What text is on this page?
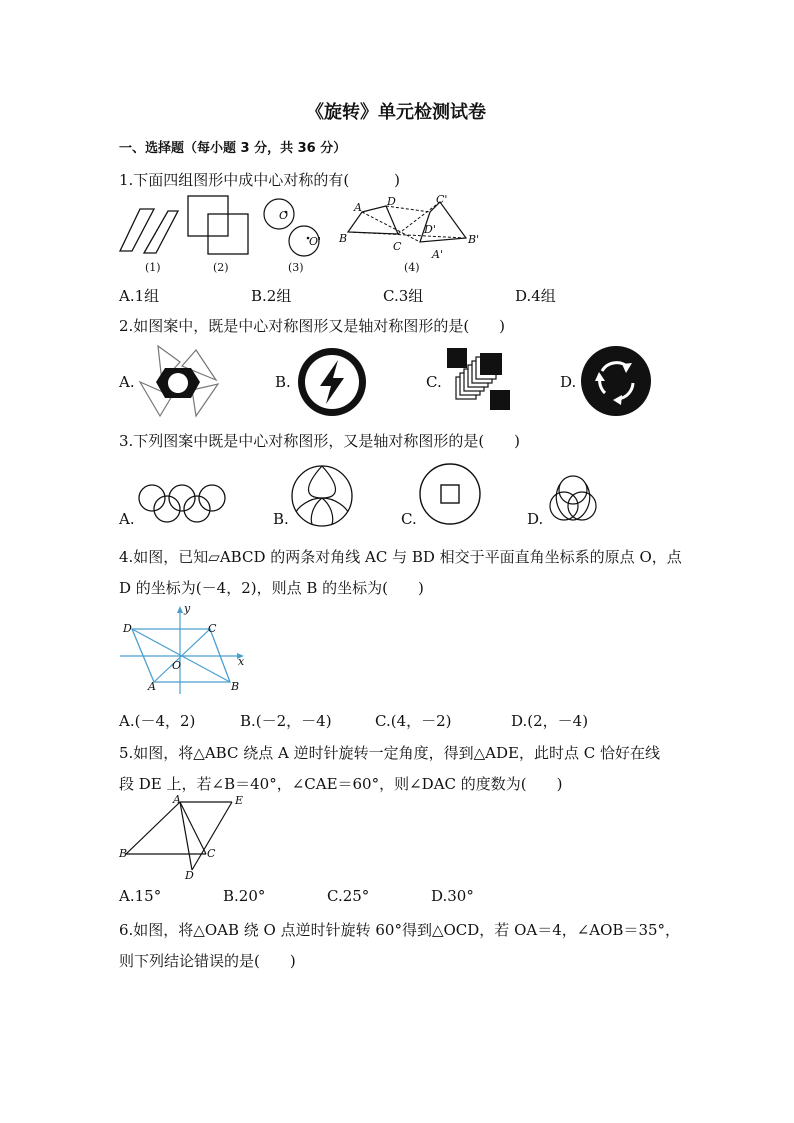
《旋转》单元检测试卷
一、选择题（每小题 3 分，共 36 分）
1.下面四组图形中成中心对称的有(　　　)
O
O'
A D
B
C
C'
D'
B'
A'
(1)	(2)	(3)	(4)
A.1组	B.2组	C.3组	D.4组
2.如图案中，既是中心对称图形又是轴对称图形的是(　　)
A.	B.	C.	D.
3.下列图案中既是中心对称图形，又是轴对称图形的是(　　)
A.	B.	C.	D.
4.如图，已知▱ABCD 的两条对角线 AC 与 BD 相交于平面直角坐标系的原点 O，点
D 的坐标为(－4，2)，则点 B 的坐标为(　　)
D	C
O
A	B
x
y
A.(－4，2)	B.(－2，－4)	C.(4，－2)	D.(2，－4)
5.如图，将△ABC 绕点 A 逆时针旋转一定角度，得到△ADE，此时点 C 恰好在线
段 DE 上，若∠B＝40°，∠CAE＝60°，则∠DAC 的度数为(　　)
A	E
B	C
D
A.15°	B.20°	C.25°	D.30°
6.如图，将△OAB 绕 O 点逆时针旋转 60°得到△OCD，若 OA＝4，∠AOB＝35°，
则下列结论错误的是(　　)
